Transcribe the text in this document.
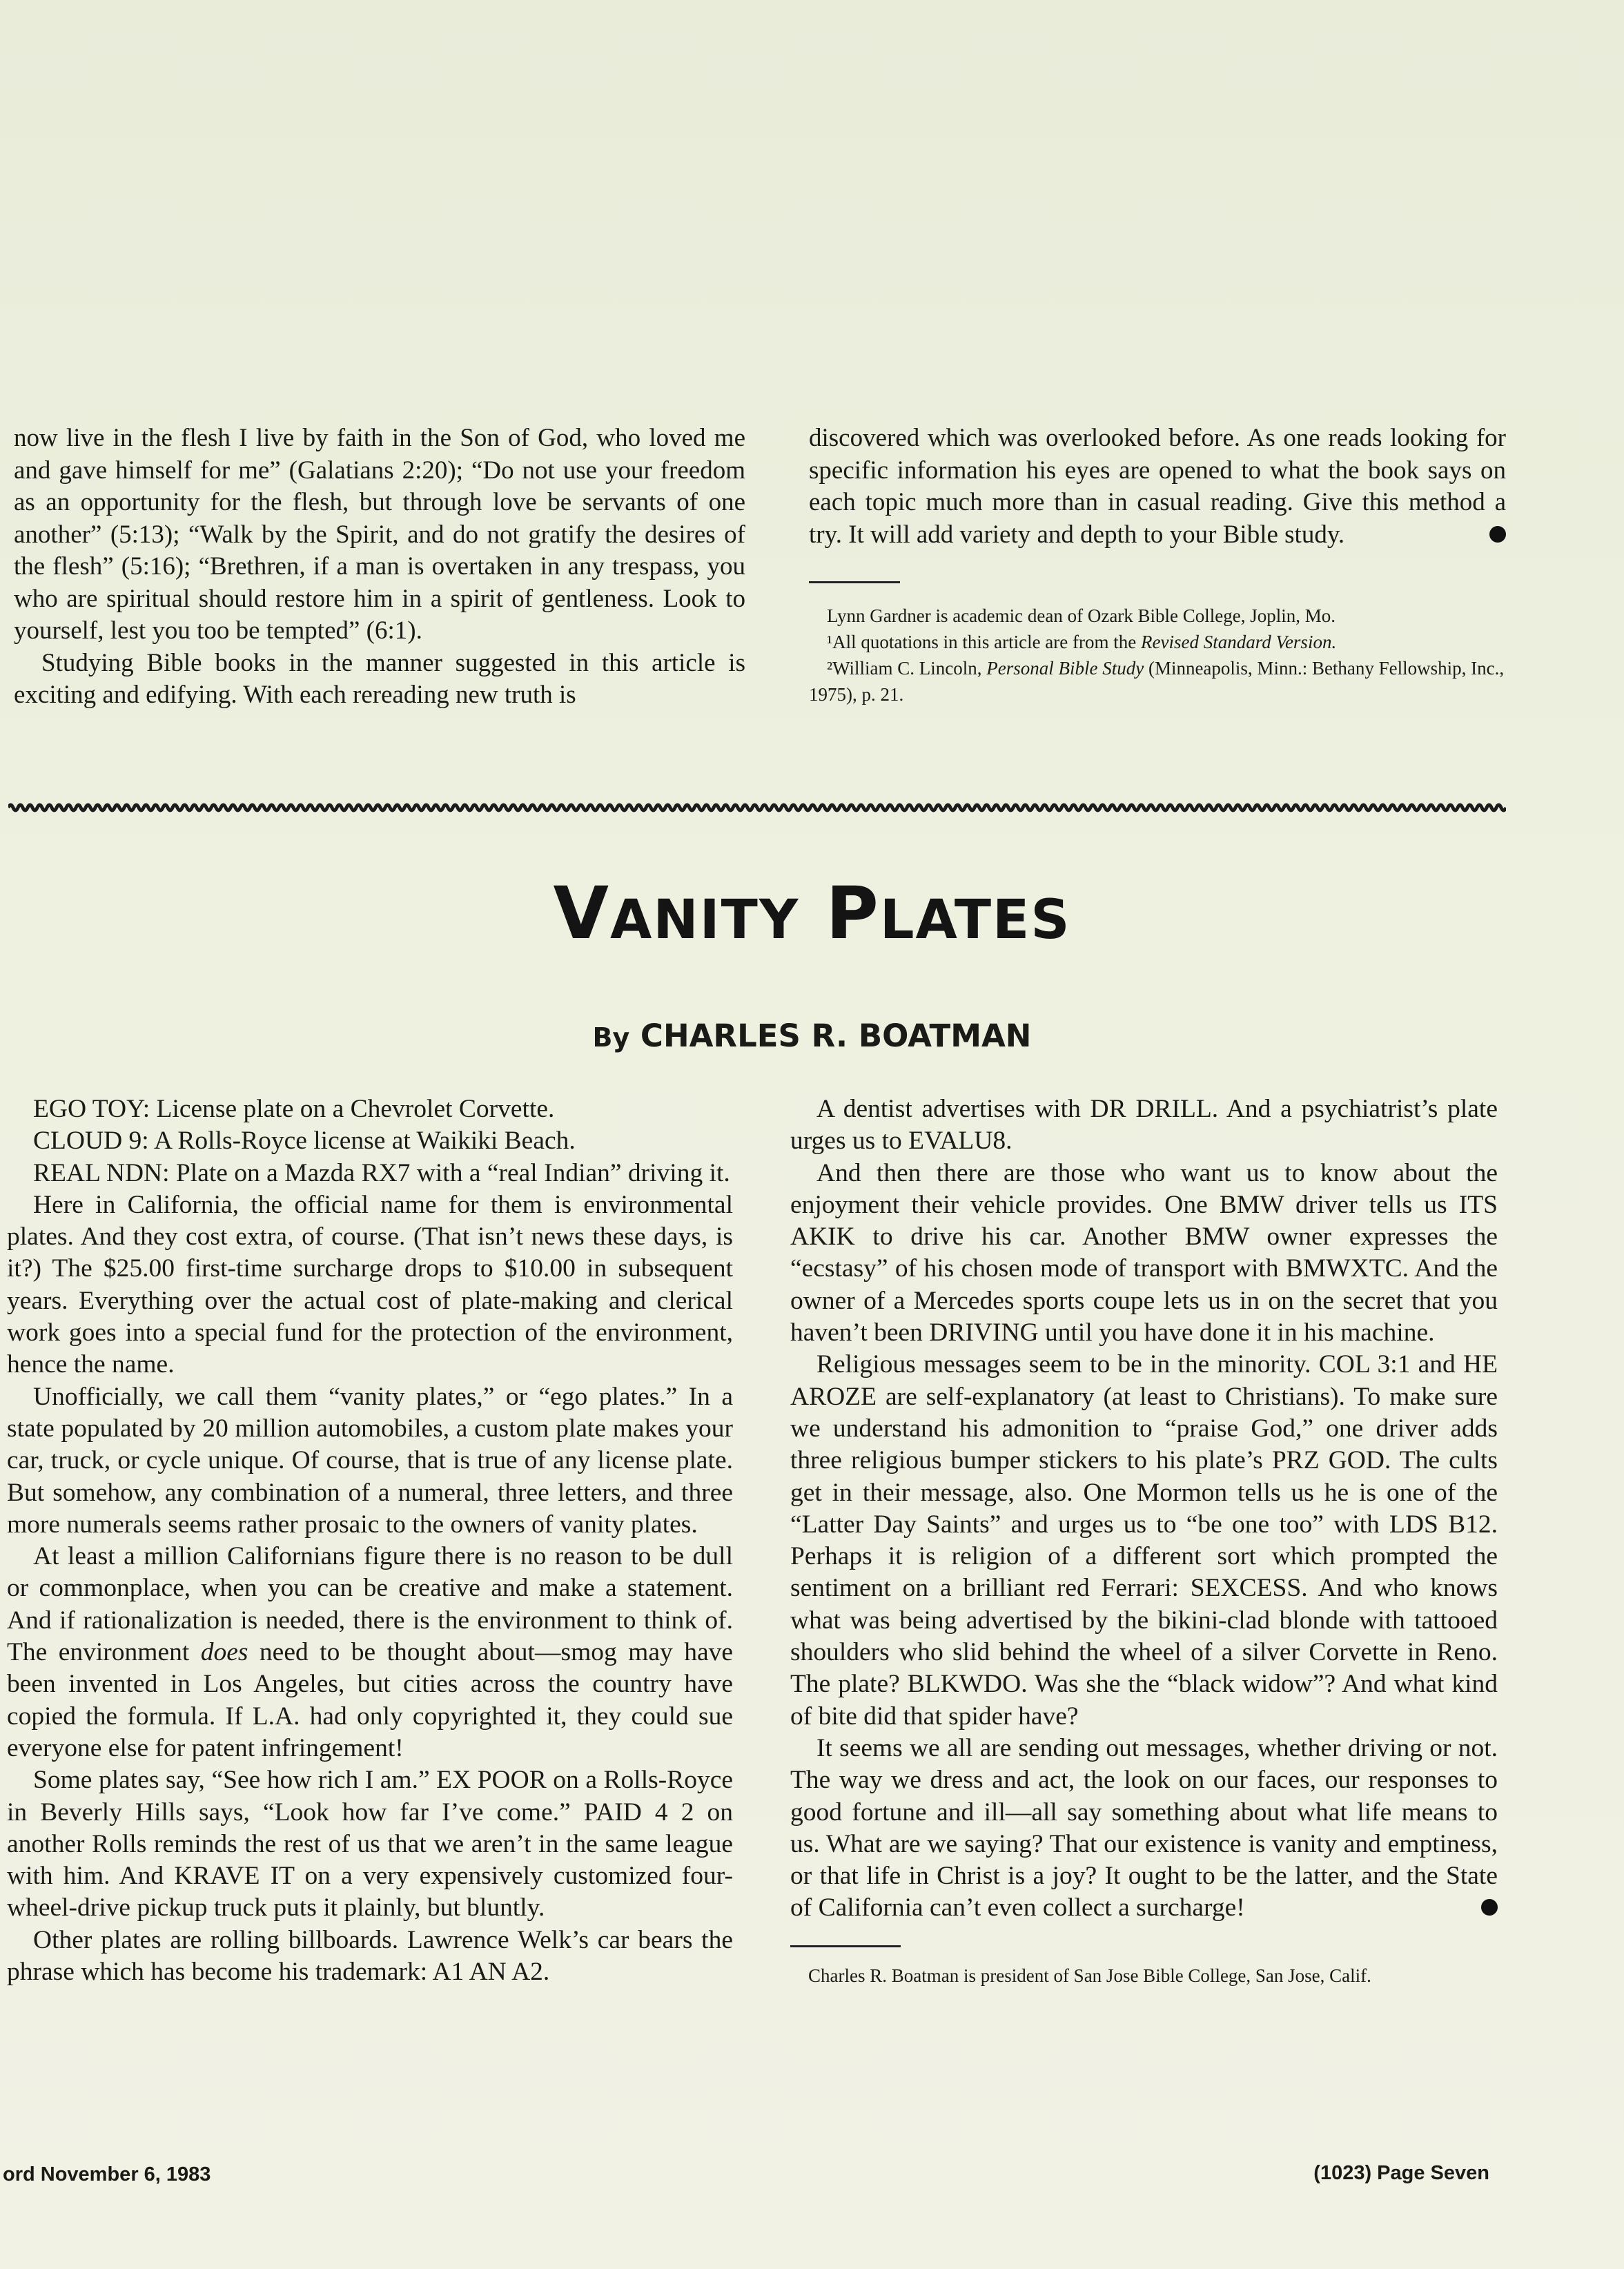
now live in the flesh I live by faith in the Son of God, who loved me and gave himself for me” (Galatians 2:20); “Do not use your freedom as an opportunity for the flesh, but through love be servants of one another” (5:13); “Walk by the Spirit, and do not gratify the desires of the flesh” (5:16); “Brethren, if a man is overtaken in any trespass, you who are spiritual should restore him in a spirit of gentleness. Look to yourself, lest you too be tempted” (6:1).

Studying Bible books in the manner suggested in this article is exciting and edifying. With each rereading new truth is

discovered which was overlooked before. As one reads looking for specific information his eyes are opened to what the book says on each topic much more than in casual reading. Give this method a try. It will add variety and depth to your Bible study.

Lynn Gardner is academic dean of Ozark Bible College, Joplin, Mo.
¹All quotations in this article are from the Revised Standard Version.
²William C. Lincoln, Personal Bible Study (Minneapolis, Minn.: Bethany Fellowship, Inc., 1975), p. 21.
VANITY PLATES
By CHARLES R. BOATMAN

EGO TOY: License plate on a Chevrolet Corvette.

CLOUD 9: A Rolls-Royce license at Waikiki Beach.

REAL NDN: Plate on a Mazda RX7 with a “real Indian” driving it.

Here in California, the official name for them is environmental plates. And they cost extra, of course. (That isn’t news these days, is it?) The $25.00 first-time surcharge drops to $10.00 in subsequent years. Everything over the actual cost of plate-making and clerical work goes into a special fund for the protection of the environment, hence the name.

Unofficially, we call them “vanity plates,” or “ego plates.” In a state populated by 20 million automobiles, a custom plate makes your car, truck, or cycle unique. Of course, that is true of any license plate. But somehow, any combination of a numeral, three letters, and three more numerals seems rather prosaic to the owners of vanity plates.

At least a million Californians figure there is no reason to be dull or commonplace, when you can be creative and make a statement. And if rationalization is needed, there is the environment to think of. The environment does need to be thought about—smog may have been invented in Los Angeles, but cities across the country have copied the formula. If L.A. had only copyrighted it, they could sue everyone else for patent infringement!

Some plates say, “See how rich I am.” EX POOR on a Rolls-Royce in Beverly Hills says, “Look how far I’ve come.” PAID 4 2 on another Rolls reminds the rest of us that we aren’t in the same league with him. And KRAVE IT on a very expensively customized four-wheel-drive pickup truck puts it plainly, but bluntly.

Other plates are rolling billboards. Lawrence Welk’s car bears the phrase which has become his trademark: A1 AN A2.

A dentist advertises with DR DRILL. And a psychiatrist’s plate urges us to EVALU8.

And then there are those who want us to know about the enjoyment their vehicle provides. One BMW driver tells us ITS AKIK to drive his car. Another BMW owner expresses the “ecstasy” of his chosen mode of transport with BMWXTC. And the owner of a Mercedes sports coupe lets us in on the secret that you haven’t been DRIVING until you have done it in his machine.

Religious messages seem to be in the minority. COL 3:1 and HE AROZE are self-explanatory (at least to Christians). To make sure we understand his admonition to “praise God,” one driver adds three religious bumper stickers to his plate’s PRZ GOD. The cults get in their message, also. One Mormon tells us he is one of the “Latter Day Saints” and urges us to “be one too” with LDS B12. Perhaps it is religion of a different sort which prompted the sentiment on a brilliant red Ferrari: SEXCESS. And who knows what was being advertised by the bikini-clad blonde with tattooed shoulders who slid behind the wheel of a silver Corvette in Reno. The plate? BLKWDO. Was she the “black widow”? And what kind of bite did that spider have?

It seems we all are sending out messages, whether driving or not. The way we dress and act, the look on our faces, our responses to good fortune and ill—all say something about what life means to us. What are we saying? That our existence is vanity and emptiness, or that life in Christ is a joy? It ought to be the latter, and the State of California can’t even collect a surcharge!

Charles R. Boatman is president of San Jose Bible College, San Jose, Calif.
ord November 6, 1983	(1023) Page Seven
